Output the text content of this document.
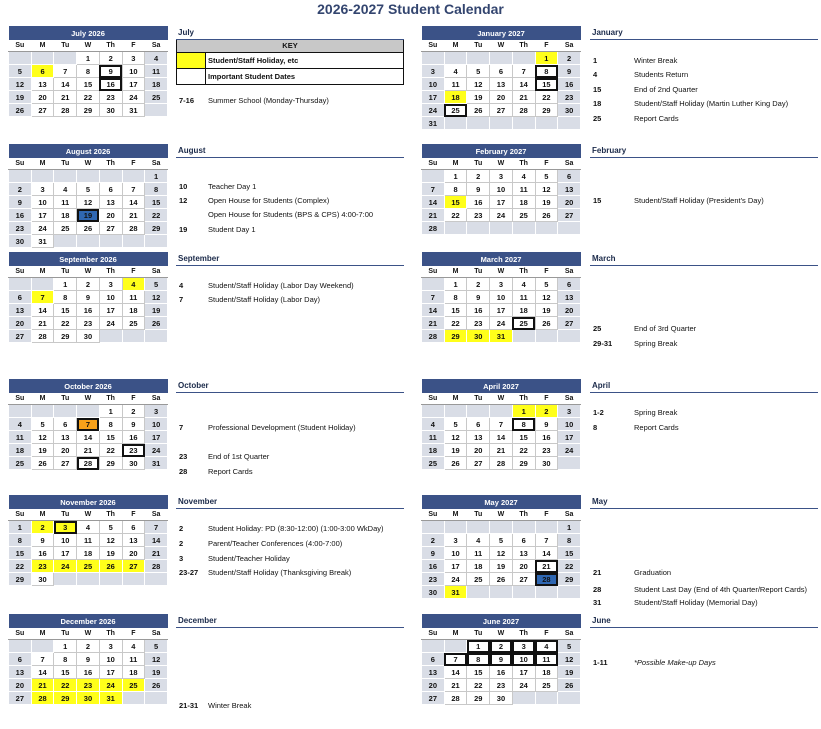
2026-2027 Student Calendar
KEY
Student/Staff Holiday, etc
Important Student Dates
July 2026						
Su	M	Tu	W	Th	F	Sa
			1	2	3	4
5	6	7	8	9	10	11
12	13	14	15	16	17	18
19	20	21	22	23	24	25
26	27	28	29	30	31	
July
August 2026						
Su	M	Tu	W	Th	F	Sa
						1
2	3	4	5	6	7	8
9	10	11	12	13	14	15
16	17	18	19	20	21	22
23	24	25	26	27	28	29
30	31					
August
September 2026						
Su	M	Tu	W	Th	F	Sa
		1	2	3	4	5
6	7	8	9	10	11	12
13	14	15	16	17	18	19
20	21	22	23	24	25	26
27	28	29	30			
September
October 2026						
Su	M	Tu	W	Th	F	Sa
				1	2	3
4	5	6	7	8	9	10
11	12	13	14	15	16	17
18	19	20	21	22	23	24
25	26	27	28	29	30	31
October
November 2026						
Su	M	Tu	W	Th	F	Sa
1	2	3	4	5	6	7
8	9	10	11	12	13	14
15	16	17	18	19	20	21
22	23	24	25	26	27	28
29	30					
November
December 2026						
Su	M	Tu	W	Th	F	Sa
		1	2	3	4	5
6	7	8	9	10	11	12
13	14	15	16	17	18	19
20	21	22	23	24	25	26
27	28	29	30	31		
December
January 2027						
Su	M	Tu	W	Th	F	Sa
					1	2
3	4	5	6	7	8	9
10	11	12	13	14	15	16
17	18	19	20	21	22	23
24	25	26	27	28	29	30
31						
January
February 2027						
Su	M	Tu	W	Th	F	Sa
	1	2	3	4	5	6
7	8	9	10	11	12	13
14	15	16	17	18	19	20
21	22	23	24	25	26	27
28						
February
March 2027						
Su	M	Tu	W	Th	F	Sa
	1	2	3	4	5	6
7	8	9	10	11	12	13
14	15	16	17	18	19	20
21	22	23	24	25	26	27
28	29	30	31			
March
April 2027						
Su	M	Tu	W	Th	F	Sa
				1	2	3
4	5	6	7	8	9	10
11	12	13	14	15	16	17
18	19	20	21	22	23	24
25	26	27	28	29	30	
April
May 2027						
Su	M	Tu	W	Th	F	Sa
						1
2	3	4	5	6	7	8
9	10	11	12	13	14	15
16	17	18	19	20	21	22
23	24	25	26	27	28	29
30	31					
May
June 2027						
Su	M	Tu	W	Th	F	Sa
		1	2	3	4	5
6	7	8	9	10	11	12
13	14	15	16	17	18	19
20	21	22	23	24	25	26
27	28	29	30			
June
7-16 Summer School (Monday-Thursday)
10	Teacher Day 1
12	Open House for Students (Complex)
Open House for Students (BPS & CPS) 4:00-7:00
19	Student Day 1
4	Student/Staff Holiday (Labor Day Weekend)
7	Student/Staff Holiday (Labor Day)
7	Professional Development (Student Holiday)
23	End of 1st Quarter
28	Report Cards
2	Student Holiday: PD (8:30-12:00) (1:00-3:00 WkDay)
2	Parent/Teacher Conferences (4:00-7:00)
3	Student/Teacher Holiday
23-27 Student/Staff Holiday (Thanksgiving Break)
21-31 Winter Break
1	Winter Break
4	Students Return
15	End of 2nd Quarter
18	Student/Staff Holiday (Martin Luther King Day)
25	Report Cards
15	Student/Staff Holiday (President's Day)
25	End of 3rd Quarter
29-31	Spring Break
1-2	Spring Break
8	Report Cards
21	Graduation
28	Student Last Day (End of 4th Quarter/Report Cards)
31	Student/Staff Holiday (Memorial Day)
1-11	*Possible Make-up Days
